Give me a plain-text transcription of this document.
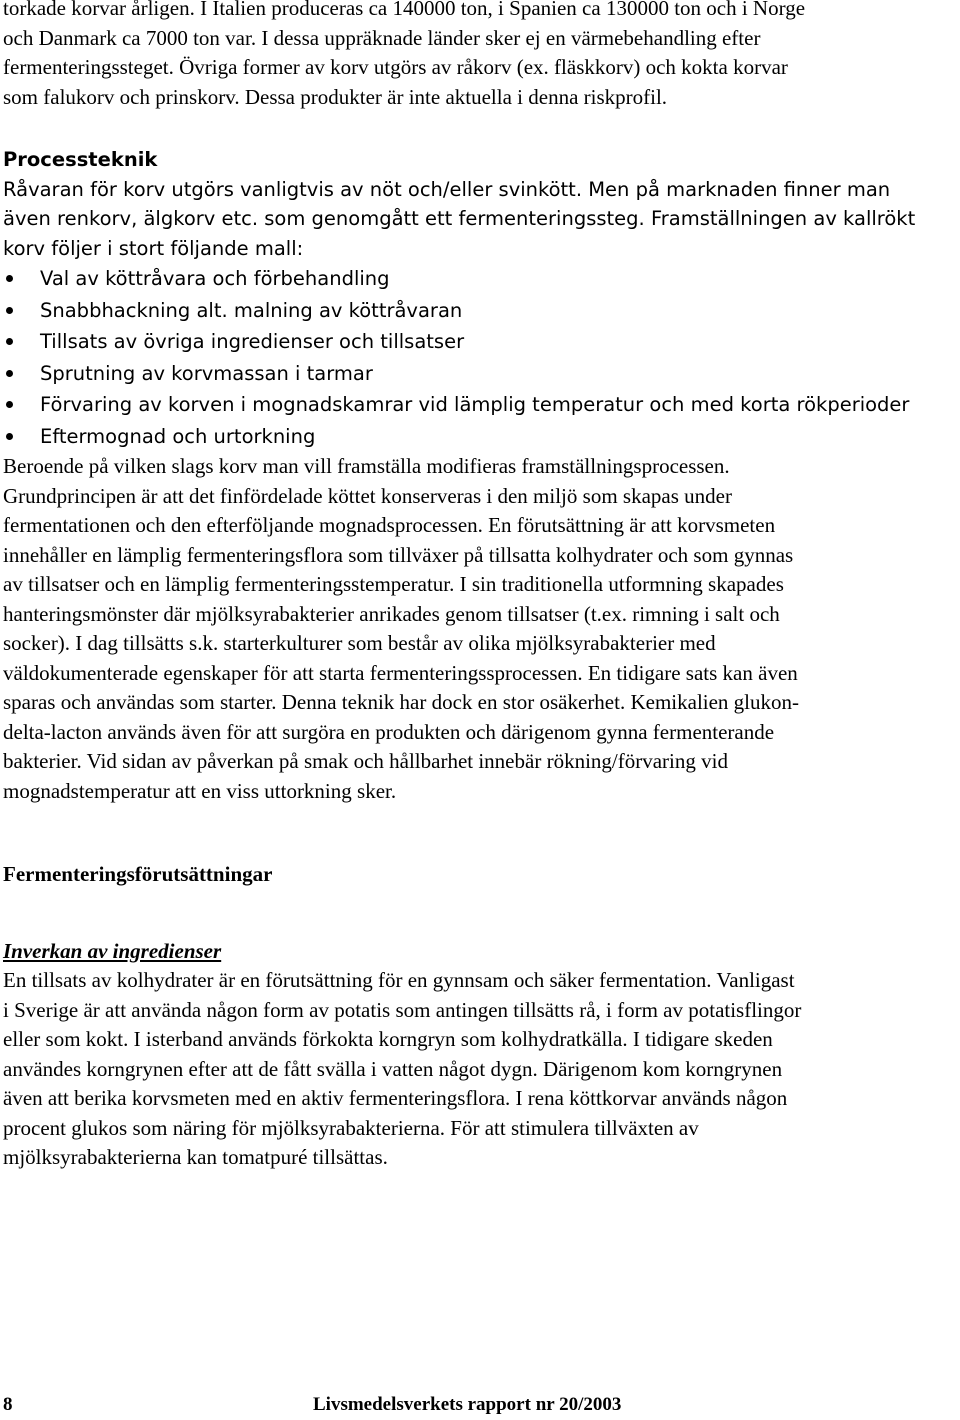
torkade korvar årligen. I Italien produceras ca 140000 ton, i Spanien ca 130000 ton och i Norge
och Danmark ca 7000 ton var. I dessa uppräknade länder sker ej en värmebehandling efter
fermenteringssteget. Övriga former av korv utgörs av råkorv (ex. fläskkorv) och kokta korvar
som falukorv och prinskorv. Dessa produkter är inte aktuella i denna riskprofil.

Processteknik

Råvaran för korv utgörs vanligtvis av nöt och/eller svinkött. Men på marknaden finner man
även renkorv, älgkorv etc. som genomgått ett fermenteringssteg. Framställningen av kallrökt
korv följer i stort följande mall:

Val av köttråvara och förbehandling
Snabbhackning alt. malning av köttråvaran
Tillsats av övriga ingredienser och tillsatser
Sprutning av korvmassan i tarmar
Förvaring av korven i mognadskamrar vid lämplig temperatur och med korta rökperioder
Eftermognad och urtorkning

Beroende på vilken slags korv man vill framställa modifieras framställningsprocessen.
Grundprincipen är att det finfördelade köttet konserveras i den miljö som skapas under
fermentationen och den efterföljande mognadsprocessen. En förutsättning är att korvsmeten
innehåller en lämplig fermenteringsflora som tillväxer på tillsatta kolhydrater och som gynnas
av tillsatser och en lämplig fermenteringsstemperatur. I sin traditionella utformning skapades
hanteringsmönster där mjölksyrabakterier anrikades genom tillsatser (t.ex. rimning i salt och
socker). I dag tillsätts s.k. starterkulturer som består av olika mjölksyrabakterier med
väldokumenterade egenskaper för att starta fermenteringssprocessen. En tidigare sats kan även
sparas och användas som starter. Denna teknik har dock en stor osäkerhet. Kemikalien glukon-
delta-lacton används även för att surgöra en produkten och därigenom gynna fermenterande
bakterier. Vid sidan av påverkan på smak och hållbarhet innebär rökning/förvaring vid
mognadstemperatur att en viss uttorkning sker.

Fermenteringsförutsättningar

Inverkan av ingredienser

En tillsats av kolhydrater är en förutsättning för en gynnsam och säker fermentation. Vanligast
i Sverige är att använda någon form av potatis som antingen tillsätts rå, i form av potatisflingor
eller som kokt. I isterband används förkokta korngryn som kolhydratkälla. I tidigare skeden
användes korngrynen efter att de fått svälla i vatten något dygn. Därigenom kom korngrynen
även att berika korvsmeten med en aktiv fermenteringsflora. I rena köttkorvar används någon
procent glukos som näring för mjölksyrabakterierna. För att stimulera tillväxten av
mjölksyrabakterierna kan tomatpuré tillsättas.

8	Livsmedelsverkets rapport nr 20/2003
